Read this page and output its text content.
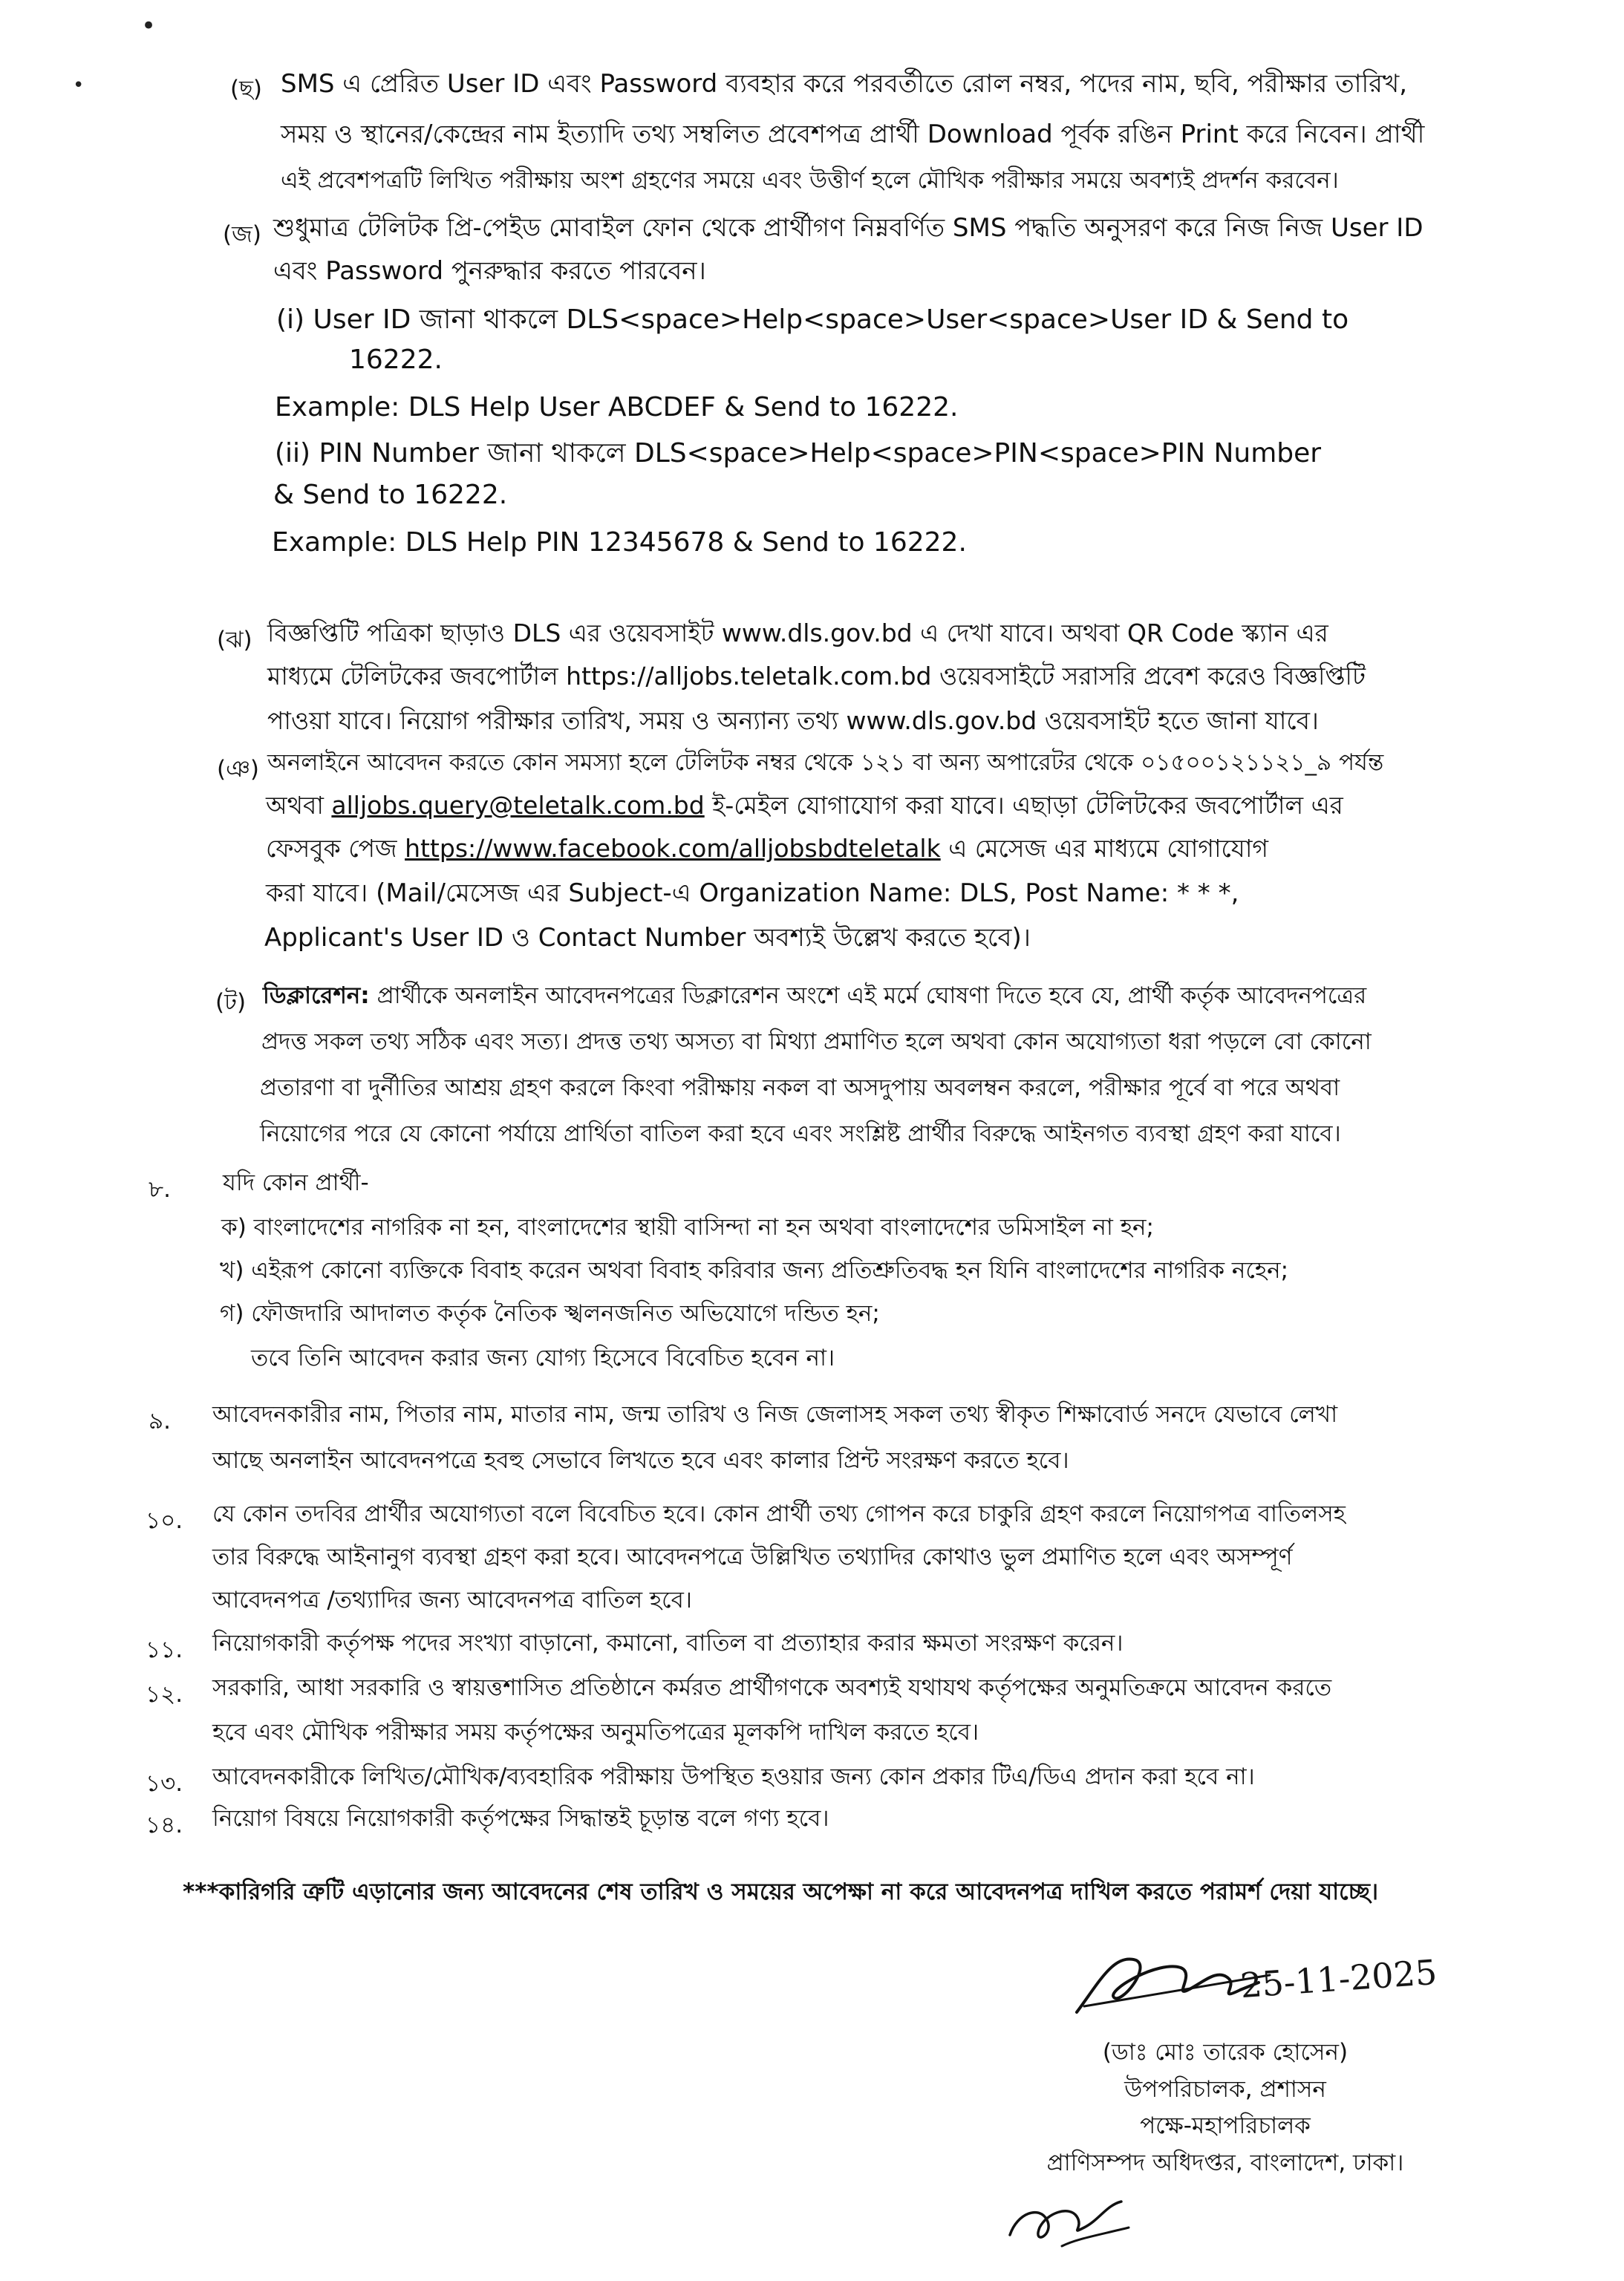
•
•	(ছ) SMS এ প্রেরিত User ID এবং Password ব্যবহার করে পরবর্তীতে রোল নম্বর, পদের নাম, ছবি, পরীক্ষার তারিখ,
সময় ও স্থানের/কেন্দ্রের নাম ইত্যাদি তথ্য সম্বলিত প্রবেশপত্র প্রার্থী Download পূর্বক রঙিন Print করে নিবেন। প্রার্থী
এই প্রবেশপত্রটি লিখিত পরীক্ষায় অংশ গ্রহণের সময়ে এবং উত্তীর্ণ হলে মৌখিক পরীক্ষার সময়ে অবশ্যই প্রদর্শন করবেন।
(জ) শুধুমাত্র টেলিটক প্রি-পেইড মোবাইল ফোন থেকে প্রার্থীগণ নিম্নবর্ণিত SMS পদ্ধতি অনুসরণ করে নিজ নিজ User ID
এবং Password পুনরুদ্ধার করতে পারবেন।
(i) User ID জানা থাকলে DLS<space>Help<space>User<space>User ID & Send to
16222.
Example: DLS Help User ABCDEF & Send to 16222.
(ii) PIN Number জানা থাকলে DLS<space>Help<space>PIN<space>PIN Number
& Send to 16222.
Example: DLS Help PIN 12345678 & Send to 16222.
(ঝ) বিজ্ঞপ্তিটি পত্রিকা ছাড়াও DLS এর ওয়েবসাইট www.dls.gov.bd এ দেখা যাবে। অথবা QR Code স্ক্যান এর
মাধ্যমে টেলিটকের জবপোর্টাল https://alljobs.teletalk.com.bd ওয়েবসাইটে সরাসরি প্রবেশ করেও বিজ্ঞপ্তিটি
পাওয়া যাবে। নিয়োগ পরীক্ষার তারিখ, সময় ও অন্যান্য তথ্য www.dls.gov.bd ওয়েবসাইট হতে জানা যাবে।
(ঞ) অনলাইনে আবেদন করতে কোন সমস্যা হলে টেলিটক নম্বর থেকে ১২১ বা অন্য অপারেটর থেকে ০১৫০০১২১১২১_৯ পর্যন্ত
অথবা alljobs.query@teletalk.com.bd ই-মেইল যোগাযোগ করা যাবে। এছাড়া টেলিটকের জবপোর্টাল এর
ফেসবুক পেজ https://www.facebook.com/alljobsbdteletalk এ মেসেজ এর মাধ্যমে যোগাযোগ
করা যাবে। (Mail/মেসেজ এর Subject-এ Organization Name: DLS, Post Name: * * *,
Applicant's User ID ও Contact Number অবশ্যই উল্লেখ করতে হবে)।
(ট) ডিক্লারেশন: প্রার্থীকে অনলাইন আবেদনপত্রের ডিক্লারেশন অংশে এই মর্মে ঘোষণা দিতে হবে যে, প্রার্থী কর্তৃক আবেদনপত্রের
প্রদত্ত সকল তথ্য সঠিক এবং সত্য। প্রদত্ত তথ্য অসত্য বা মিথ্যা প্রমাণিত হলে অথবা কোন অযোগ্যতা ধরা পড়লে বো কোনো
প্রতারণা বা দুর্নীতির আশ্রয় গ্রহণ করলে কিংবা পরীক্ষায় নকল বা অসদুপায় অবলম্বন করলে, পরীক্ষার পূর্বে বা পরে অথবা
নিয়োগের পরে যে কোনো পর্যায়ে প্রার্থিতা বাতিল করা হবে এবং সংশ্লিষ্ট প্রার্থীর বিরুদ্ধে আইনগত ব্যবস্থা গ্রহণ করা যাবে।
৮. যদি কোন প্রার্থী-
ক) বাংলাদেশের নাগরিক না হন, বাংলাদেশের স্থায়ী বাসিন্দা না হন অথবা বাংলাদেশের ডমিসাইল না হন;
খ) এইরূপ কোনো ব্যক্তিকে বিবাহ করেন অথবা বিবাহ করিবার জন্য প্রতিশ্রুতিবদ্ধ হন যিনি বাংলাদেশের নাগরিক নহেন;
গ) ফৌজদারি আদালত কর্তৃক নৈতিক স্খলনজনিত অভিযোগে দন্ডিত হন;
তবে তিনি আবেদন করার জন্য যোগ্য হিসেবে বিবেচিত হবেন না।
৯. আবেদনকারীর নাম, পিতার নাম, মাতার নাম, জন্ম তারিখ ও নিজ জেলাসহ সকল তথ্য স্বীকৃত শিক্ষাবোর্ড সনদে যেভাবে লেখা
আছে অনলাইন আবেদনপত্রে হবহু সেভাবে লিখতে হবে এবং কালার প্রিন্ট সংরক্ষণ করতে হবে।
১০. যে কোন তদবির প্রার্থীর অযোগ্যতা বলে বিবেচিত হবে। কোন প্রার্থী তথ্য গোপন করে চাকুরি গ্রহণ করলে নিয়োগপত্র বাতিলসহ
তার বিরুদ্ধে আইনানুগ ব্যবস্থা গ্রহণ করা হবে। আবেদনপত্রে উল্লিখিত তথ্যাদির কোথাও ভুল প্রমাণিত হলে এবং অসম্পূর্ণ
আবেদনপত্র /তথ্যাদির জন্য আবেদনপত্র বাতিল হবে।
১১. নিয়োগকারী কর্তৃপক্ষ পদের সংখ্যা বাড়ানো, কমানো, বাতিল বা প্রত্যাহার করার ক্ষমতা সংরক্ষণ করেন।
১২. সরকারি, আধা সরকারি ও স্বায়ত্তশাসিত প্রতিষ্ঠানে কর্মরত প্রার্থীগণকে অবশ্যই যথাযথ কর্তৃপক্ষের অনুমতিক্রমে আবেদন করতে
হবে এবং মৌখিক পরীক্ষার সময় কর্তৃপক্ষের অনুমতিপত্রের মূলকপি দাখিল করতে হবে।
১৩. আবেদনকারীকে লিখিত/মৌখিক/ব্যবহারিক পরীক্ষায় উপস্থিত হওয়ার জন্য কোন প্রকার টিএ/ডিএ প্রদান করা হবে না।
১৪. নিয়োগ বিষয়ে নিয়োগকারী কর্তৃপক্ষের সিদ্ধান্তই চূড়ান্ত বলে গণ্য হবে।
***কারিগরি ত্রুটি এড়ানোর জন্য আবেদনের শেষ তারিখ ও সময়ের অপেক্ষা না করে আবেদনপত্র দাখিল করতে পরামর্শ দেয়া যাচ্ছে।
25-11-2025
(ডাঃ মোঃ তারেক হোসেন)
উপপরিচালক, প্রশাসন
পক্ষে-মহাপরিচালক
প্রাণিসম্পদ অধিদপ্তর, বাংলাদেশ, ঢাকা।
